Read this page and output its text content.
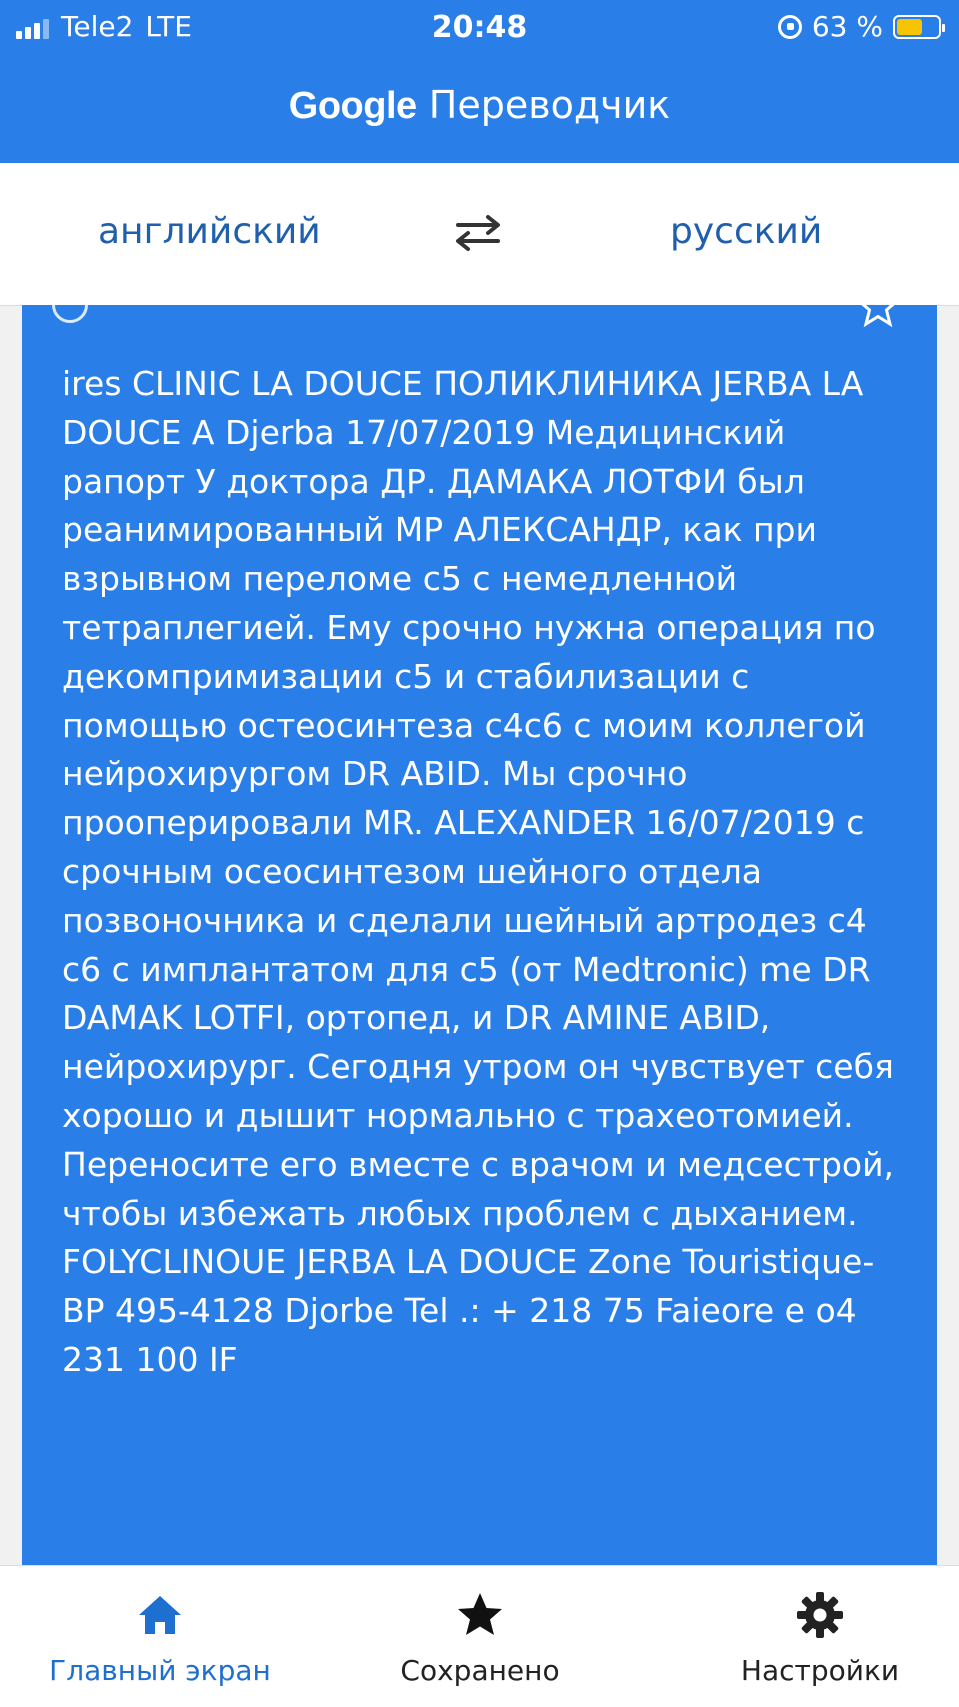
Tele2 LTE	20:48	63 %
Google Переводчик
английский	русский
ires CLINIC LA DOUCE ПОЛИКЛИНИКА JERBA LA DOUCE A Djerba 17/07/2019 Медицинский рапорт У доктора ДР. ДАМАКА ЛОТФИ был реанимированный МР АЛЕКСАНДР, как при взрывном переломе с5 с немедленной тетраплегией. Ему срочно нужна операция по декомпримизации с5 и стабилизации с помощью остеосинтеза с4с6 с моим коллегой нейрохирургом DR ABID. Мы срочно прооперировали MR. ALEXANDER 16/07/2019 с срочным осеосинтезом шейного отдела позвоночника и сделали шейный артродез с4 с6 с имплантатом для с5 (от Medtronic) me DR DAMAK LOTFI, ортопед, и DR AMINE ABID, нейрохирург. Сегодня утром он чувствует себя хорошо и дышит нормально с трахеотомией. Переносите его вместе с врачом и медсестрой, чтобы избежать любых проблем с дыханием. FOLYCLINOUE JERBA LA DOUCE Zone Touristique- BP 495-4128 Djorbe Tel .: + 218 75 Faieore e o4 231 100 IF
Главный экран	Сохранено	Настройки
